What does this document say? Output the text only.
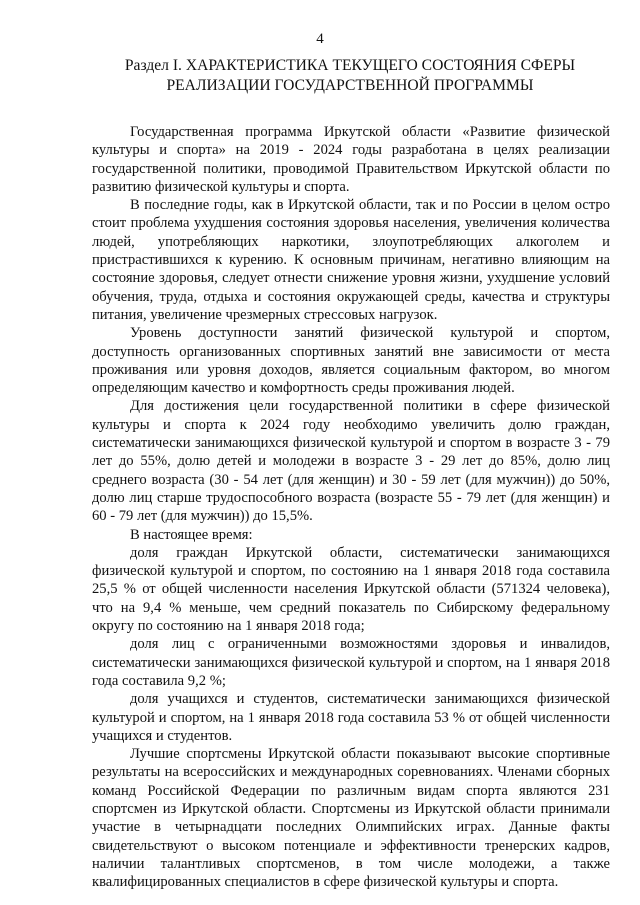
4
Раздел I. ХАРАКТЕРИСТИКА ТЕКУЩЕГО СОСТОЯНИЯ СФЕРЫ
РЕАЛИЗАЦИИ ГОСУДАРСТВЕННОЙ ПРОГРАММЫ

Государственная программа Иркутской области «Развитие физической культуры и спорта» на 2019 - 2024 годы разработана в целях реализации государственной политики, проводимой Правительством Иркутской области по развитию физической культуры и спорта.

В последние годы, как в Иркутской области, так и по России в целом остро стоит проблема ухудшения состояния здоровья населения, увеличения количества людей, употребляющих наркотики, злоупотребляющих алкоголем и пристрастившихся к курению. К основным причинам, негативно влияющим на состояние здоровья, следует отнести снижение уровня жизни, ухудшение условий обучения, труда, отдыха и состояния окружающей среды, качества и структуры питания, увеличение чрезмерных стрессовых нагрузок.

Уровень доступности занятий физической культурой и спортом, доступность организованных спортивных занятий вне зависимости от места проживания или уровня доходов, является социальным фактором, во многом определяющим качество и комфортность среды проживания людей.

Для достижения цели государственной политики в сфере физической культуры и спорта к 2024 году необходимо увеличить долю граждан, систематически занимающихся физической культурой и спортом в возрасте 3 - 79 лет до 55%, долю детей и молодежи в возрасте 3 - 29 лет до 85%, долю лиц среднего возраста (30 - 54 лет (для женщин) и 30 - 59 лет (для мужчин)) до 50%, долю лиц старше трудоспособного возраста (возрасте 55 - 79 лет (для женщин) и 60 - 79 лет (для мужчин)) до 15,5%.

В настоящее время:

доля граждан Иркутской области, систематически занимающихся физической культурой и спортом, по состоянию на 1 января 2018 года составила 25,5 % от общей численности населения Иркутской области (571324 человека), что на 9,4 % меньше, чем средний показатель по Сибирскому федеральному округу по состоянию на 1 января 2018 года;

доля лиц с ограниченными возможностями здоровья и инвалидов, систематически занимающихся физической культурой и спортом, на 1 января 2018 года составила 9,2 %;

доля учащихся и студентов, систематически занимающихся физической культурой и спортом, на 1 января 2018 года составила 53 % от общей численности учащихся и студентов.

Лучшие спортсмены Иркутской области показывают высокие спортивные результаты на всероссийских и международных соревнованиях. Членами сборных команд Российской Федерации по различным видам спорта являются 231 спортсмен из Иркутской области. Спортсмены из Иркутской области принимали участие в четырнадцати последних Олимпийских играх. Данные факты свидетельствуют о высоком потенциале и эффективности тренерских кадров, наличии талантливых спортсменов, в том числе молодежи, а также квалифицированных специалистов в сфере физической культуры и спорта.
